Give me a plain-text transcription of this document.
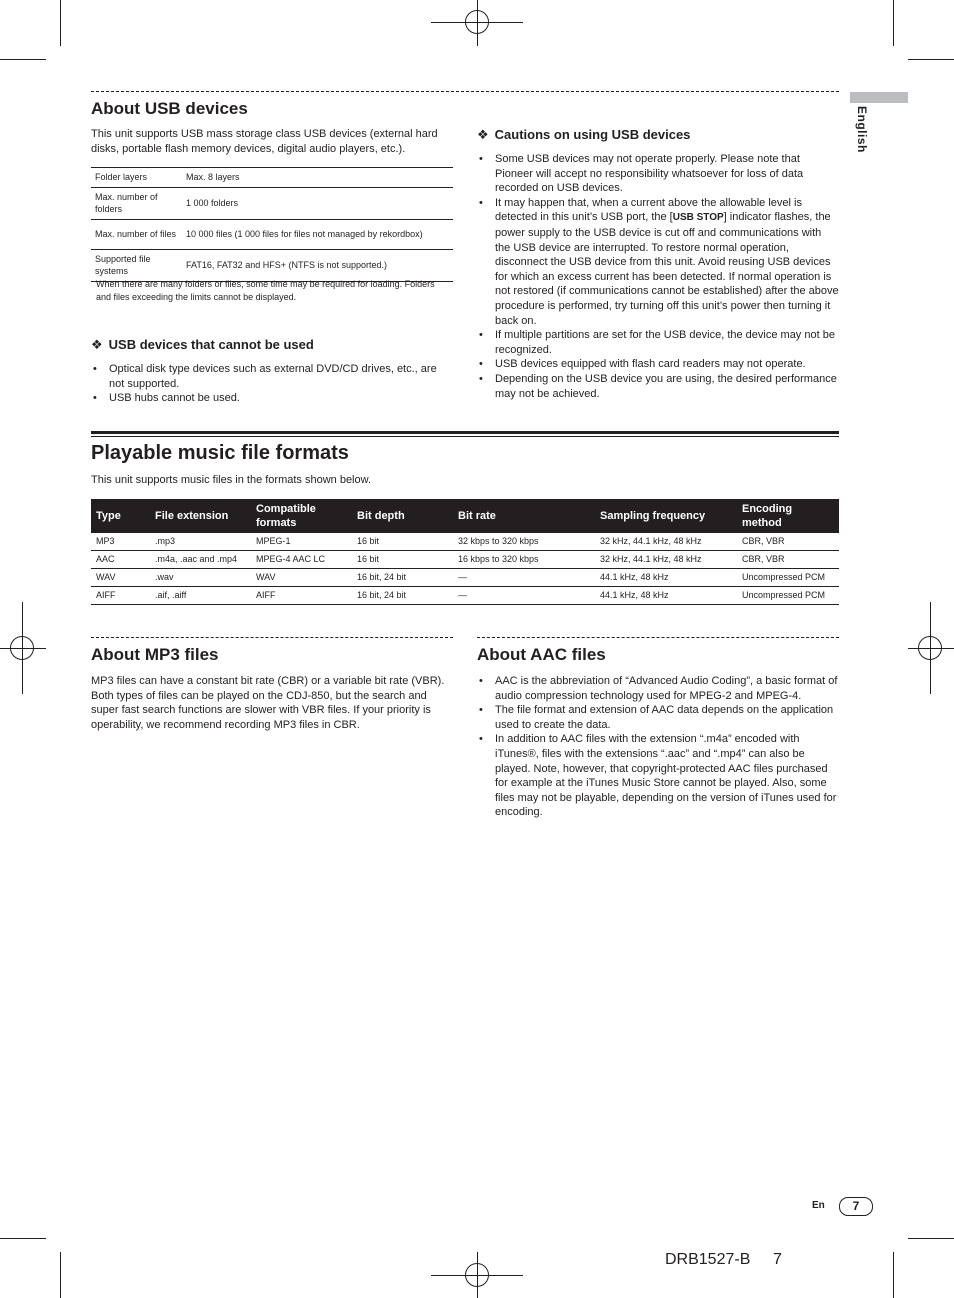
English
About USB devices

This unit supports USB mass storage class USB devices (external hard disks, portable flash memory devices, digital audio players, etc.).

Folder layers	Max. 8 layers
Max. number of folders	1 000 folders
Max. number of files	10 000 files (1 000 files for files not managed by rekordbox)
Supported file systems	FAT16, FAT32 and HFS+ (NTFS is not supported.)

When there are many folders or files, some time may be required for loading. Folders and files exceeding the limits cannot be displayed.

❖ USB devices that cannot be used
• Optical disk type devices such as external DVD/CD drives, etc., are not supported.
• USB hubs cannot be used.
❖ Cautions on using USB devices
• Some USB devices may not operate properly. Please note that Pioneer will accept no responsibility whatsoever for loss of data recorded on USB devices.
• It may happen that, when a current above the allowable level is detected in this unit’s USB port, the [USB STOP] indicator flashes, the power supply to the USB device is cut off and communications with the USB device are interrupted. To restore normal operation, disconnect the USB device from this unit. Avoid reusing USB devices for which an excess current has been detected. If normal operation is not restored (if communications cannot be established) after the above procedure is performed, try turning off this unit’s power then turning it back on.
• If multiple partitions are set for the USB device, the device may not be recognized.
• USB devices equipped with flash card readers may not operate.
• Depending on the USB device you are using, the desired performance may not be achieved.
Playable music file formats

This unit supports music files in the formats shown below.

Type	File extension	Compatible formats	Bit depth	Bit rate	Sampling frequency	Encoding method
MP3	.mp3	MPEG-1	16 bit	32 kbps to 320 kbps	32 kHz, 44.1 kHz, 48 kHz	CBR, VBR
AAC	.m4a, .aac and .mp4	MPEG-4 AAC LC	16 bit	16 kbps to 320 kbps	32 kHz, 44.1 kHz, 48 kHz	CBR, VBR
WAV	.wav	WAV	16 bit, 24 bit	—	44.1 kHz, 48 kHz	Uncompressed PCM
AIFF	.aif, .aiff	AIFF	16 bit, 24 bit	—	44.1 kHz, 48 kHz	Uncompressed PCM
About MP3 files

MP3 files can have a constant bit rate (CBR) or a variable bit rate (VBR). Both types of files can be played on the CDJ-850, but the search and super fast search functions are slower with VBR files. If your priority is operability, we recommend recording MP3 files in CBR.

About AAC files
• AAC is the abbreviation of “Advanced Audio Coding”, a basic format of audio compression technology used for MPEG-2 and MPEG-4.
• The file format and extension of AAC data depends on the application used to create the data.
• In addition to AAC files with the extension “.m4a” encoded with iTunes®, files with the extensions “.aac” and “.mp4” can also be played. Note, however, that copyright-protected AAC files purchased for example at the iTunes Music Store cannot be played. Also, some files may not be playable, depending on the version of iTunes used for encoding.
En	7
DRB1527-B 7
